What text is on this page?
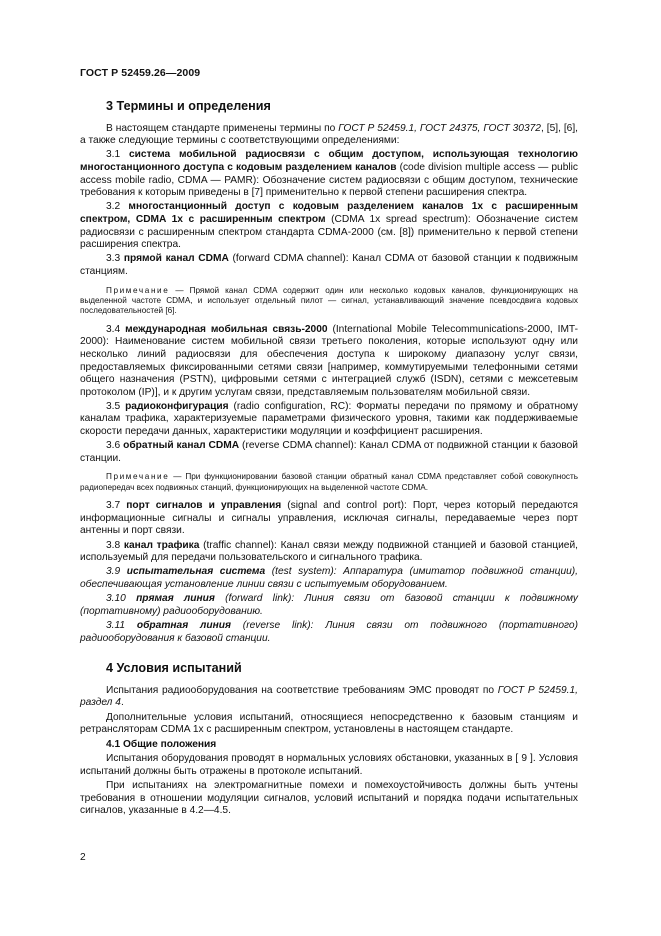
ГОСТ Р 52459.26—2009
3 Термины и определения

В настоящем стандарте применены термины по ГОСТ Р 52459.1, ГОСТ 24375, ГОСТ 30372, [5], [6], а также следующие термины с соответствующими определениями:

3.1 система мобильной радиосвязи с общим доступом, использующая технологию многостанционного доступа с кодовым разделением каналов (code division multiple access — public access mobile radio, CDMA — PAMR): Обозначение систем радиосвязи с общим доступом, технические требования к которым приведены в [7] применительно к первой степени расширения спектра.

3.2 многостанционный доступ с кодовым разделением каналов 1x с расширенным спектром, CDMA 1x с расширенным спектром (CDMA 1x spread spectrum): Обозначение систем радиосвязи с расширенным спектром стандарта CDMA-2000 (см. [8]) применительно к первой степени расширения спектра.

3.3 прямой канал CDMA (forward CDMA channel): Канал CDMA от базовой станции к подвижным станциям.

Примечание — Прямой канал CDMA содержит один или несколько кодовых каналов, функционирующих на выделенной частоте CDMA, и использует отдельный пилот — сигнал, устанавливающий значение псевдосдвига кодовых последовательностей [6].

3.4 международная мобильная связь-2000 (International Mobile Telecommunications-2000, IMT-2000): Наименование систем мобильной связи третьего поколения, которые используют одну или несколько линий радиосвязи для обеспечения доступа к широкому диапазону услуг связи, предоставляемых фиксированными сетями связи [например, коммутируемыми телефонными сетями общего назначения (PSTN), цифровыми сетями с интеграцией служб (ISDN), сетями с межсетевым протоколом (IP)], и к другим услугам связи, представляемым пользователям мобильной связи.

3.5 радиоконфигурация (radio configuration, RC): Форматы передачи по прямому и обратному каналам трафика, характеризуемые параметрами физического уровня, такими как поддерживаемые скорости передачи данных, характеристики модуляции и коэффициент расширения.

3.6 обратный канал CDMA (reverse CDMA channel): Канал CDMA от подвижной станции к базовой станции.

Примечание — При функционировании базовой станции обратный канал CDMA представляет собой совокупность радиопередач всех подвижных станций, функционирующих на выделенной частоте CDMA.

3.7 порт сигналов и управления (signal and control port): Порт, через который передаются информационные сигналы и сигналы управления, исключая сигналы, передаваемые через порт антенны и порт связи.

3.8 канал трафика (traffic channel): Канал связи между подвижной станцией и базовой станцией, используемый для передачи пользовательского и сигнального трафика.

3.9 испытательная система (test system): Аппаратура (имитатор подвижной станции), обеспечивающая установление линии связи с испытуемым оборудованием.

3.10 прямая линия (forward link): Линия связи от базовой станции к подвижному (портативному) радиооборудованию.

3.11 обратная линия (reverse link): Линия связи от подвижного (портативного) радиооборудования к базовой станции.

4 Условия испытаний

Испытания радиооборудования на соответствие требованиям ЭМС проводят по ГОСТ Р 52459.1, раздел 4.

Дополнительные условия испытаний, относящиеся непосредственно к базовым станциям и ретрансляторам CDMA 1x с расширенным спектром, установлены в настоящем стандарте.

4.1 Общие положения

Испытания оборудования проводят в нормальных условиях обстановки, указанных в [ 9 ]. Условия испытаний должны быть отражены в протоколе испытаний.

При испытаниях на электромагнитные помехи и помехоустойчивость должны быть учтены требования в отношении модуляции сигналов, условий испытаний и порядка подачи испытательных сигналов, указанные в 4.2—4.5.

2
